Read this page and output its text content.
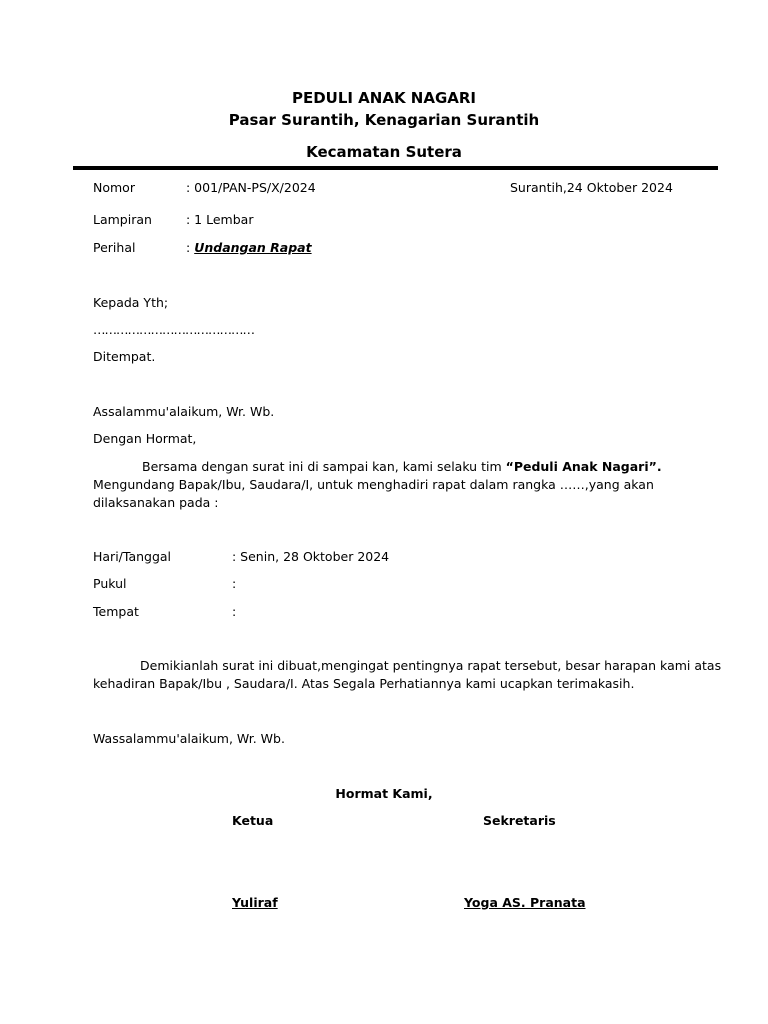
PEDULI ANAK NAGARI
Pasar Surantih, Kenagarian Surantih
Kecamatan Sutera
Nomor	: 001/PAN-PS/X/2024	Surantih,24 Oktober 2024
Lampiran	: 1 Lembar
Perihal	: Undangan Rapat
Kepada Yth;
……………………………………
Ditempat.
Assalammu'alaikum, Wr. Wb.
Dengan Hormat,
Bersama dengan surat ini di sampai kan, kami selaku tim “Peduli Anak Nagari”.
Mengundang Bapak/Ibu, Saudara/I, untuk menghadiri rapat dalam rangka ……,yang akan
dilaksanakan pada :
Hari/Tanggal	: Senin, 28 Oktober 2024
Pukul	:
Tempat	:
Demikianlah surat ini dibuat,mengingat pentingnya rapat tersebut, besar harapan kami atas
kehadiran Bapak/Ibu , Saudara/I. Atas Segala Perhatiannya kami ucapkan terimakasih.
Wassalammu'alaikum, Wr. Wb.
Hormat Kami,
Ketua	Sekretaris
Yuliraf	Yoga AS. Pranata
